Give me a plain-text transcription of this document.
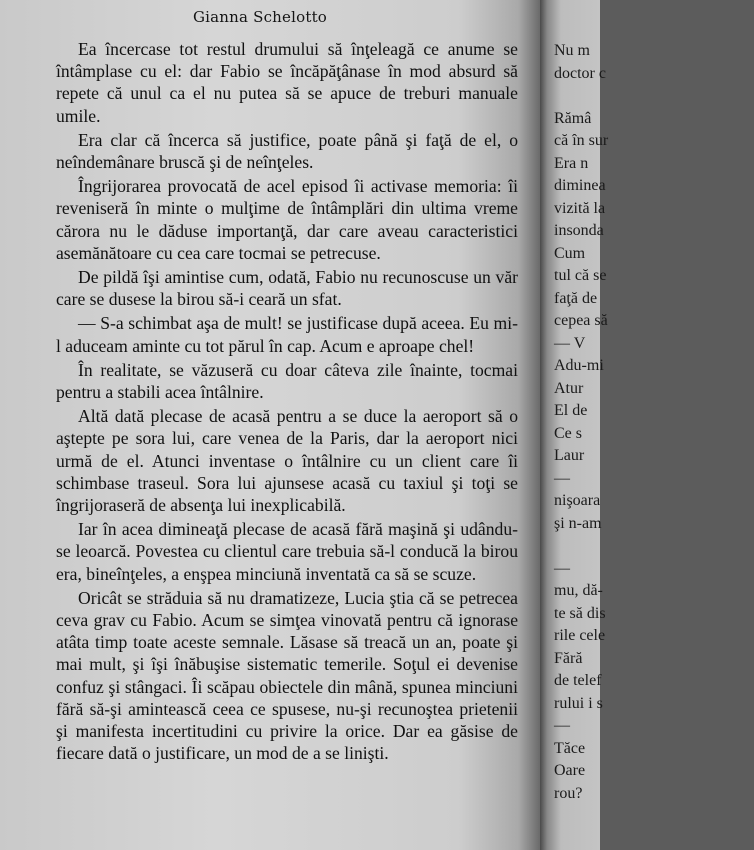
Gianna Schelotto

Ea încercase tot restul drumului să înţeleagă ce anume se întâmplase cu el: dar Fabio se încăpăţânase în mod absurd să repete că unul ca el nu putea să se apuce de treburi manuale umile.

Era clar că încerca să justifice, poate până şi faţă de el, o neîndemânare bruscă şi de neînţeles.

Îngrijorarea provocată de acel episod îi activase memoria: îi reveniseră în minte o mulţime de întâmplări din ultima vreme cărora nu le dăduse importanţă, dar care aveau caracteristici asemănătoare cu cea care tocmai se petrecuse.

De pildă îşi amintise cum, odată, Fabio nu recunoscuse un văr care se dusese la birou să-i ceară un sfat.

— S-a schimbat aşa de mult! se justificase după aceea. Eu mi-l aduceam aminte cu tot părul în cap. Acum e aproape chel!

În realitate, se văzuseră cu doar câteva zile înainte, tocmai pentru a stabili acea întâlnire.

Altă dată plecase de acasă pentru a se duce la aeroport să o aştepte pe sora lui, care venea de la Paris, dar la aeroport nici urmă de el. Atunci inventase o întâlnire cu un client care îi schimbase traseul. Sora lui ajunsese acasă cu taxiul şi toţi se îngrijoraseră de absenţa lui inexplicabilă.

Iar în acea dimineaţă plecase de acasă fără maşină şi udându-se leoarcă. Povestea cu clientul care trebuia să-l conducă la birou era, bineînţeles, a enşpea minciună inventată ca să se scuze.

Oricât se străduia să nu dramatizeze, Lucia ştia că se petrecea ceva grav cu Fabio. Acum se simţea vinovată pentru că ignorase atâta timp toate aceste semnale. Lăsase să treacă un an, poate şi mai mult, şi îşi înăbuşise sistematic temerile. Soţul ei devenise confuz şi stângaci. Îi scăpau obiectele din mână, spunea minciuni fără să-şi amintească ceea ce spusese, nu-şi recunoştea prietenii şi manifesta incertitudini cu privire la orice. Dar ea găsise de fiecare dată o justificare, un mod de a se linişti.

Nu m
doctor c
Rămâ
că în sur
Era n
diminea
vizită la
insonda
Cum
tul că se
faţă de
cepea să
— V
Adu-mi
Atur
El de
Ce s
Laur
—
nişoara
şi n-am
—
mu, dă-
te să dis
rile cele
Fără
de telef
rului i s
—
Tăce
Oare
rou?
